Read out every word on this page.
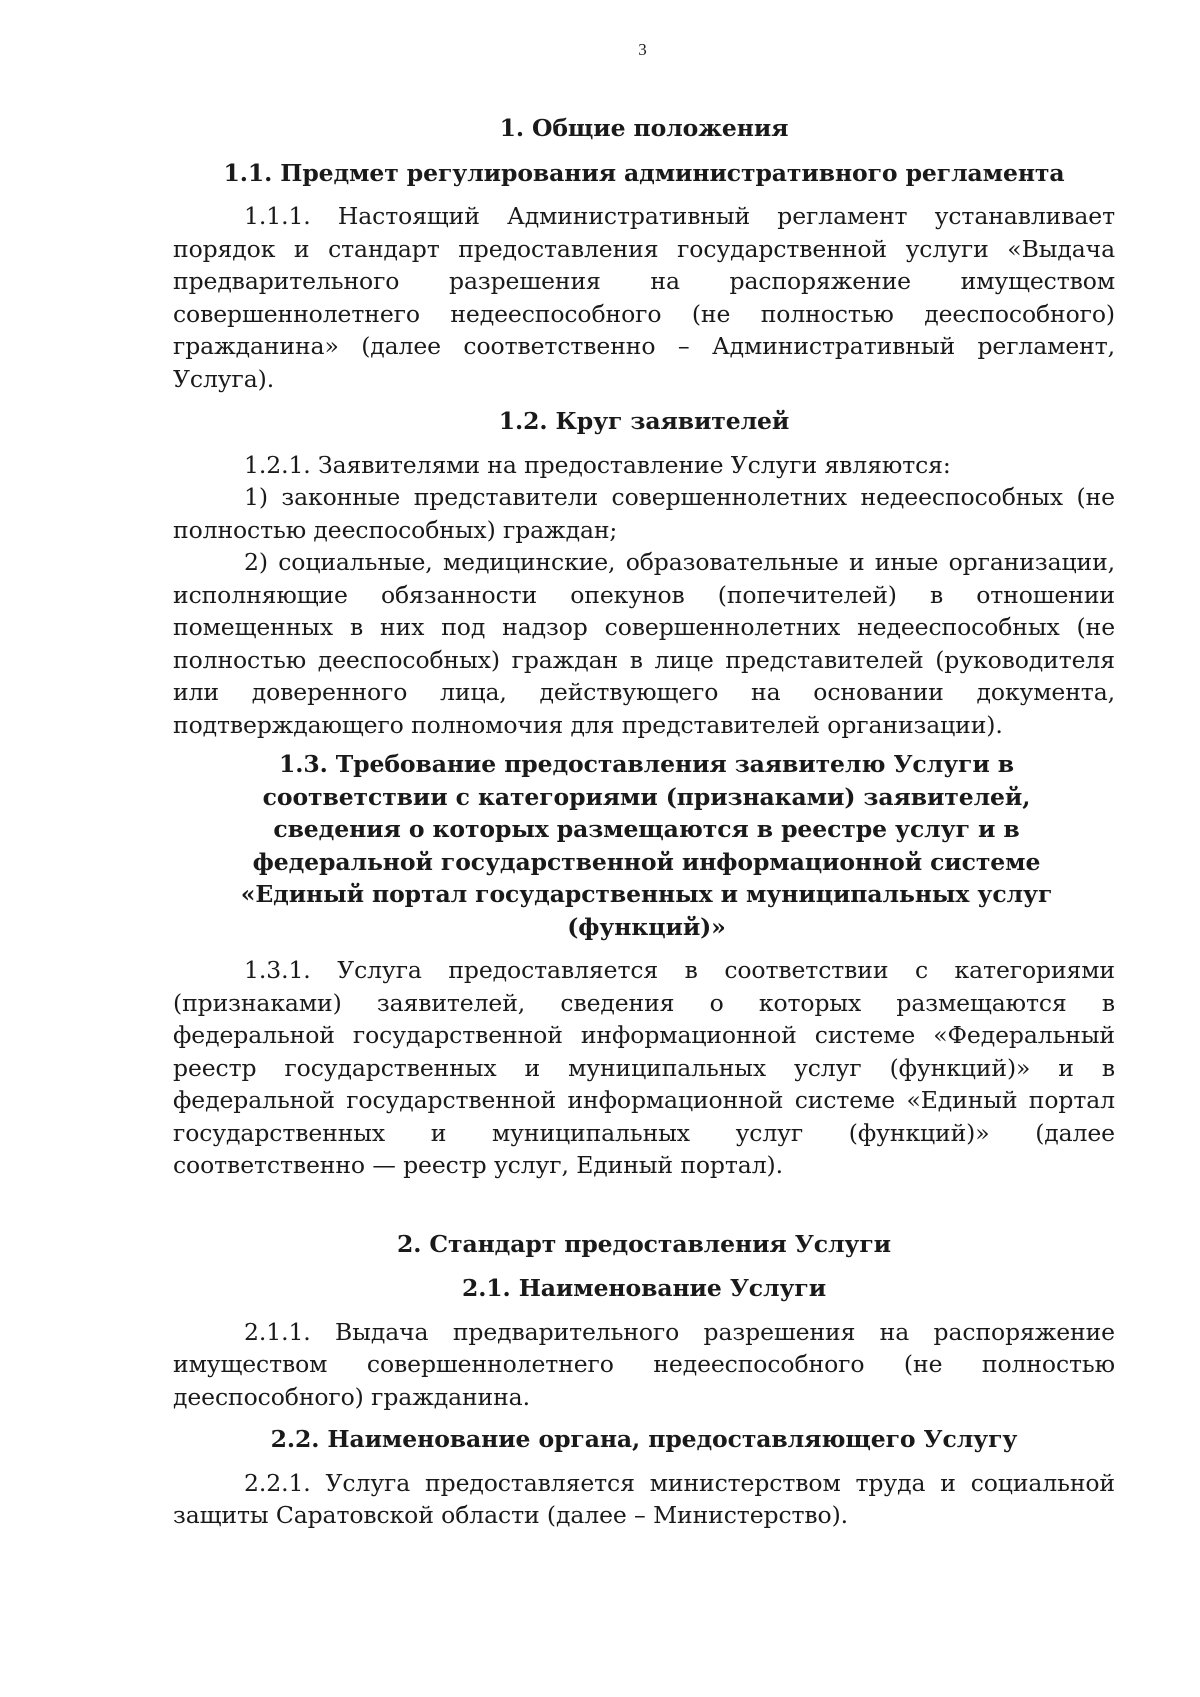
3
1. Общие положения
1.1. Предмет регулирования административного регламента

1.1.1. Настоящий Административный регламент устанавливает порядок и стандарт предоставления государственной услуги «Выдача предварительного разрешения на распоряжение имуществом совершеннолетнего недееспособного (не полностью дееспособного) гражданина» (далее соответственно – Административный регламент, Услуга).

1.2. Круг заявителей

1.2.1. Заявителями на предоставление Услуги являются:

1) законные представители совершеннолетних недееспособных (не полностью дееспособных) граждан;

2) социальные, медицинские, образовательные и иные организации, исполняющие обязанности опекунов (попечителей) в отношении помещенных в них под надзор совершеннолетних недееспособных (не полностью дееспособных) граждан в лице представителей (руководителя или доверенного лица, действующего на основании документа, подтверждающего полномочия для представителей организации).

1.3. Требование предоставления заявителю Услуги в соответствии с категориями (признаками) заявителей, сведения о которых размещаются в реестре услуг и в федеральной государственной информационной системе «Единый портал государственных и муниципальных услуг (функций)»

1.3.1. Услуга предоставляется в соответствии с категориями (признаками) заявителей, сведения о которых размещаются в федеральной государственной информационной системе «Федеральный реестр государственных и муниципальных услуг (функций)» и в федеральной государственной информационной системе «Единый портал государственных и муниципальных услуг (функций)» (далее соответственно — реестр услуг, Единый портал).

2. Стандарт предоставления Услуги
2.1. Наименование Услуги

2.1.1. Выдача предварительного разрешения на распоряжение имуществом совершеннолетнего недееспособного (не полностью дееспособного) гражданина.

2.2. Наименование органа, предоставляющего Услугу

2.2.1. Услуга предоставляется министерством труда и социальной защиты Саратовской области (далее – Министерство).
